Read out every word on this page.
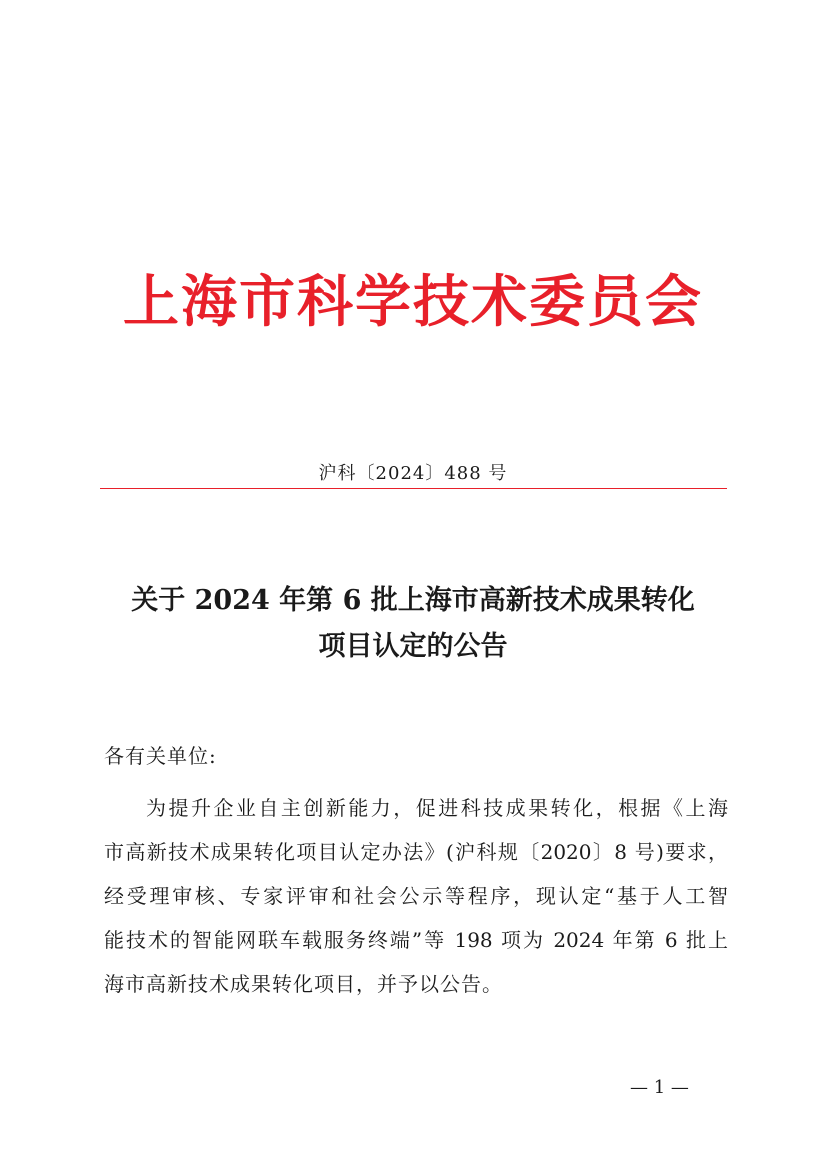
上海市科学技术委员会
沪科〔2024〕488 号
关于 2024 年第 6 批上海市高新技术成果转化
项目认定的公告
各有关单位:
为提升企业自主创新能力，促进科技成果转化，根据《上海
市高新技术成果转化项目认定办法》(沪科规〔2020〕8 号)要求，
经受理审核、专家评审和社会公示等程序，现认定“基于人工智
能技术的智能网联车载服务终端”等 198 项为 2024 年第 6 批上
海市高新技术成果转化项目，并予以公告。
— 1 —
